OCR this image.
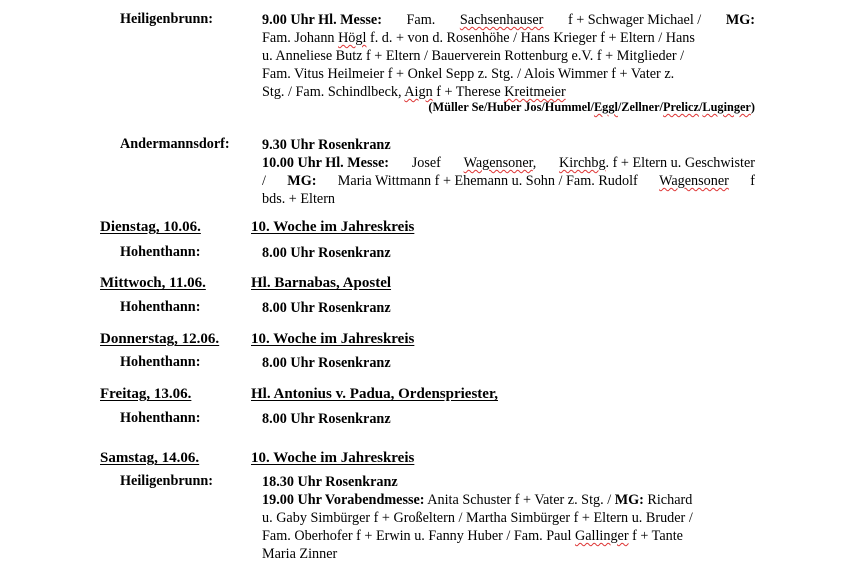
Heiligenbrunn:	9.00 Uhr Hl. Messe: Fam. Sachsenhauser f + Schwager Michael / MG:
Fam. Johann Högl f. d. + von d. Rosenhöhe / Hans Krieger f + Eltern / Hans
u. Anneliese Butz f + Eltern / Bauerverein Rottenburg e.V. f + Mitglieder /
Fam. Vitus Heilmeier f + Onkel Sepp z. Stg. / Alois Wimmer f + Vater z.
Stg. / Fam. Schindlbeck, Aign f + Therese Kreitmeier
(Müller Se/Huber Jos/Hummel/Eggl/Zellner/Prelicz/Luginger)
Andermannsdorf: 9.30 Uhr Rosenkranz
10.00 Uhr Hl. Messe: Josef Wagensoner, Kirchbg. f + Eltern u. Geschwister
/ MG: Maria Wittmann f + Ehemann u. Sohn / Fam. Rudolf Wagensoner f
bds. + Eltern
Dienstag, 10.06.	10. Woche im Jahreskreis
Hohenthann:	8.00 Uhr Rosenkranz
Mittwoch, 11.06.	Hl. Barnabas, Apostel
Hohenthann:	8.00 Uhr Rosenkranz
Donnerstag, 12.06. 10. Woche im Jahreskreis
Hohenthann:	8.00 Uhr Rosenkranz
Freitag, 13.06.	Hl. Antonius v. Padua, Ordenspriester,
Hohenthann:	8.00 Uhr Rosenkranz
Samstag, 14.06.	10. Woche im Jahreskreis
Heiligenbrunn:	18.30 Uhr Rosenkranz
19.00 Uhr Vorabendmesse: Anita Schuster f + Vater z. Stg. / MG: Richard
u. Gaby Simbürger f + Großeltern / Martha Simbürger f + Eltern u. Bruder /
Fam. Oberhofer f + Erwin u. Fanny Huber / Fam. Paul Gallinger f + Tante
Maria Zinner
